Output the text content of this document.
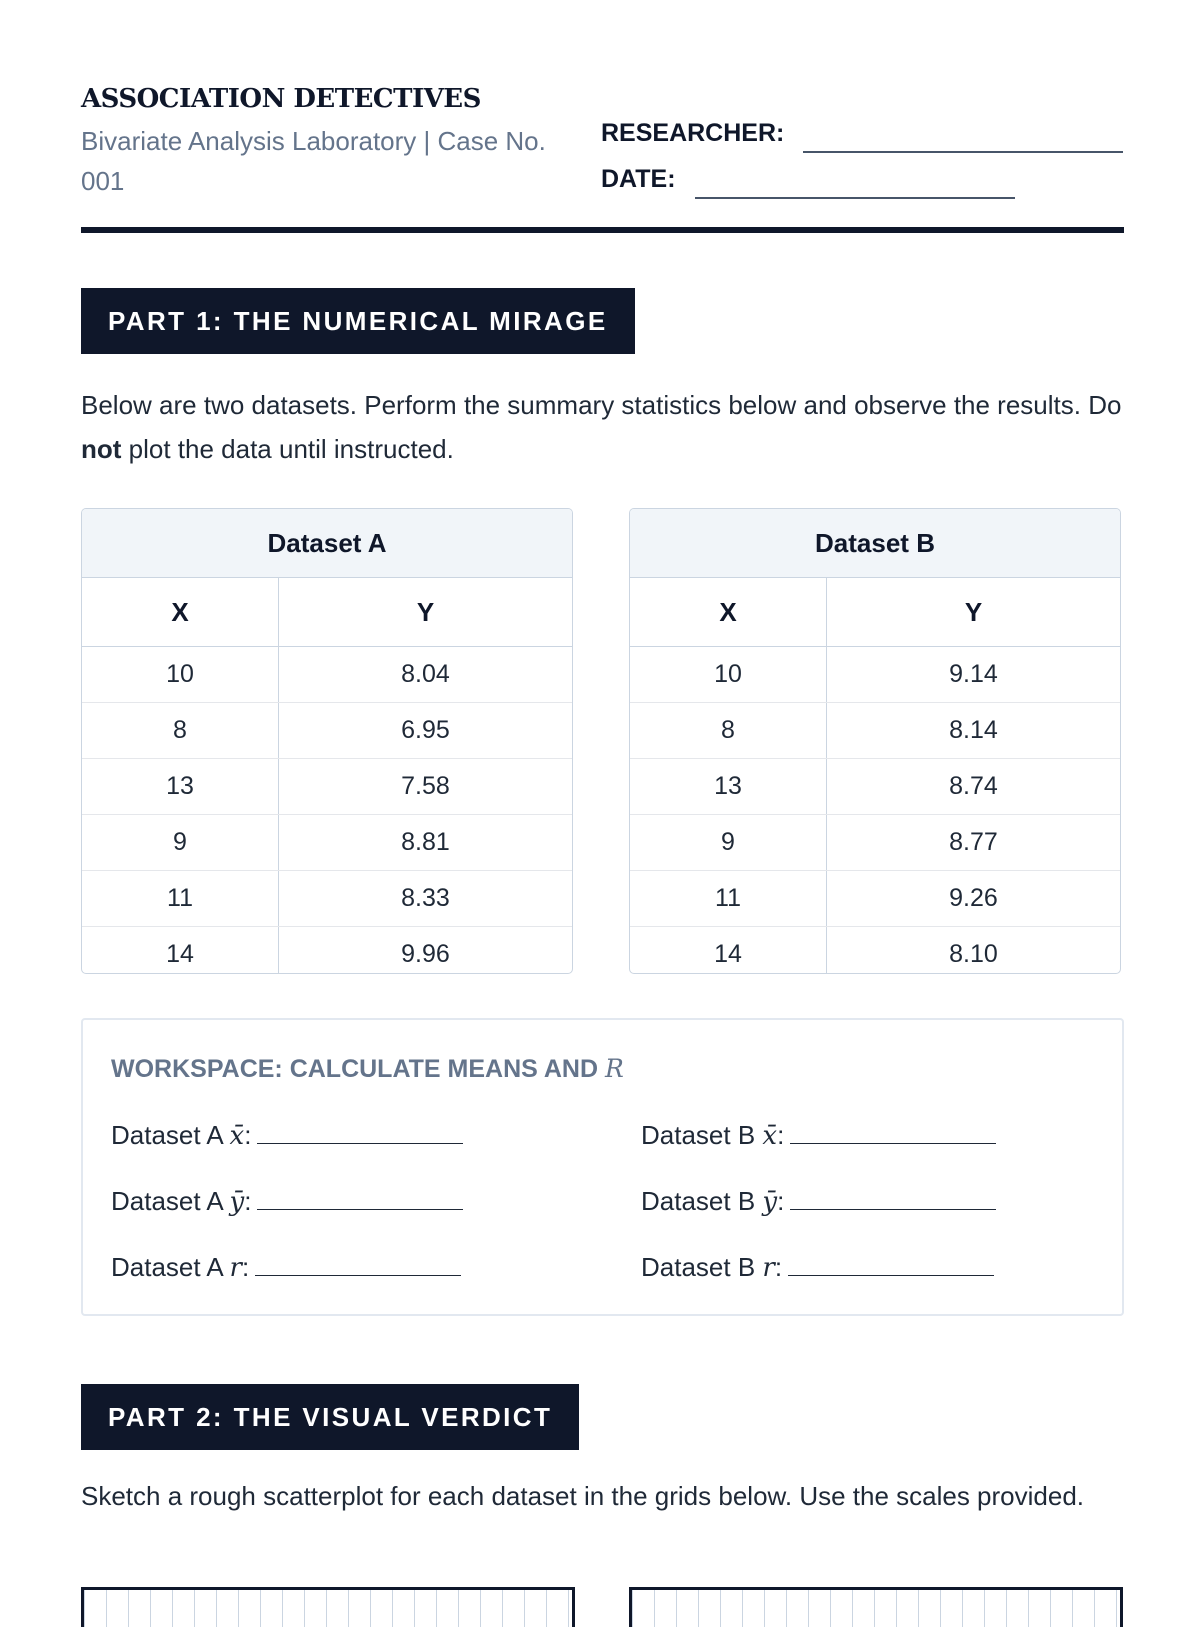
ASSOCIATION DETECTIVES
Bivariate Analysis Laboratory | Case No. 001
RESEARCHER:
DATE:
PART 1: THE NUMERICAL MIRAGE
Below are two datasets. Perform the summary statistics below and observe the results. Do not plot the data until instructed.
Dataset A
X	Y
10	8.04
8	6.95
13	7.58
9	8.81
11	8.33
14	9.96
Dataset B
X	Y
10	9.14
8	8.14
13	8.74
9	8.77
11	9.26
14	8.10
WORKSPACE: CALCULATE MEANS AND R
Dataset A x̄:	Dataset B x̄:
Dataset A ȳ:	Dataset B ȳ:
Dataset A r:	Dataset B r:
PART 2: THE VISUAL VERDICT
Sketch a rough scatterplot for each dataset in the grids below. Use the scales provided.
